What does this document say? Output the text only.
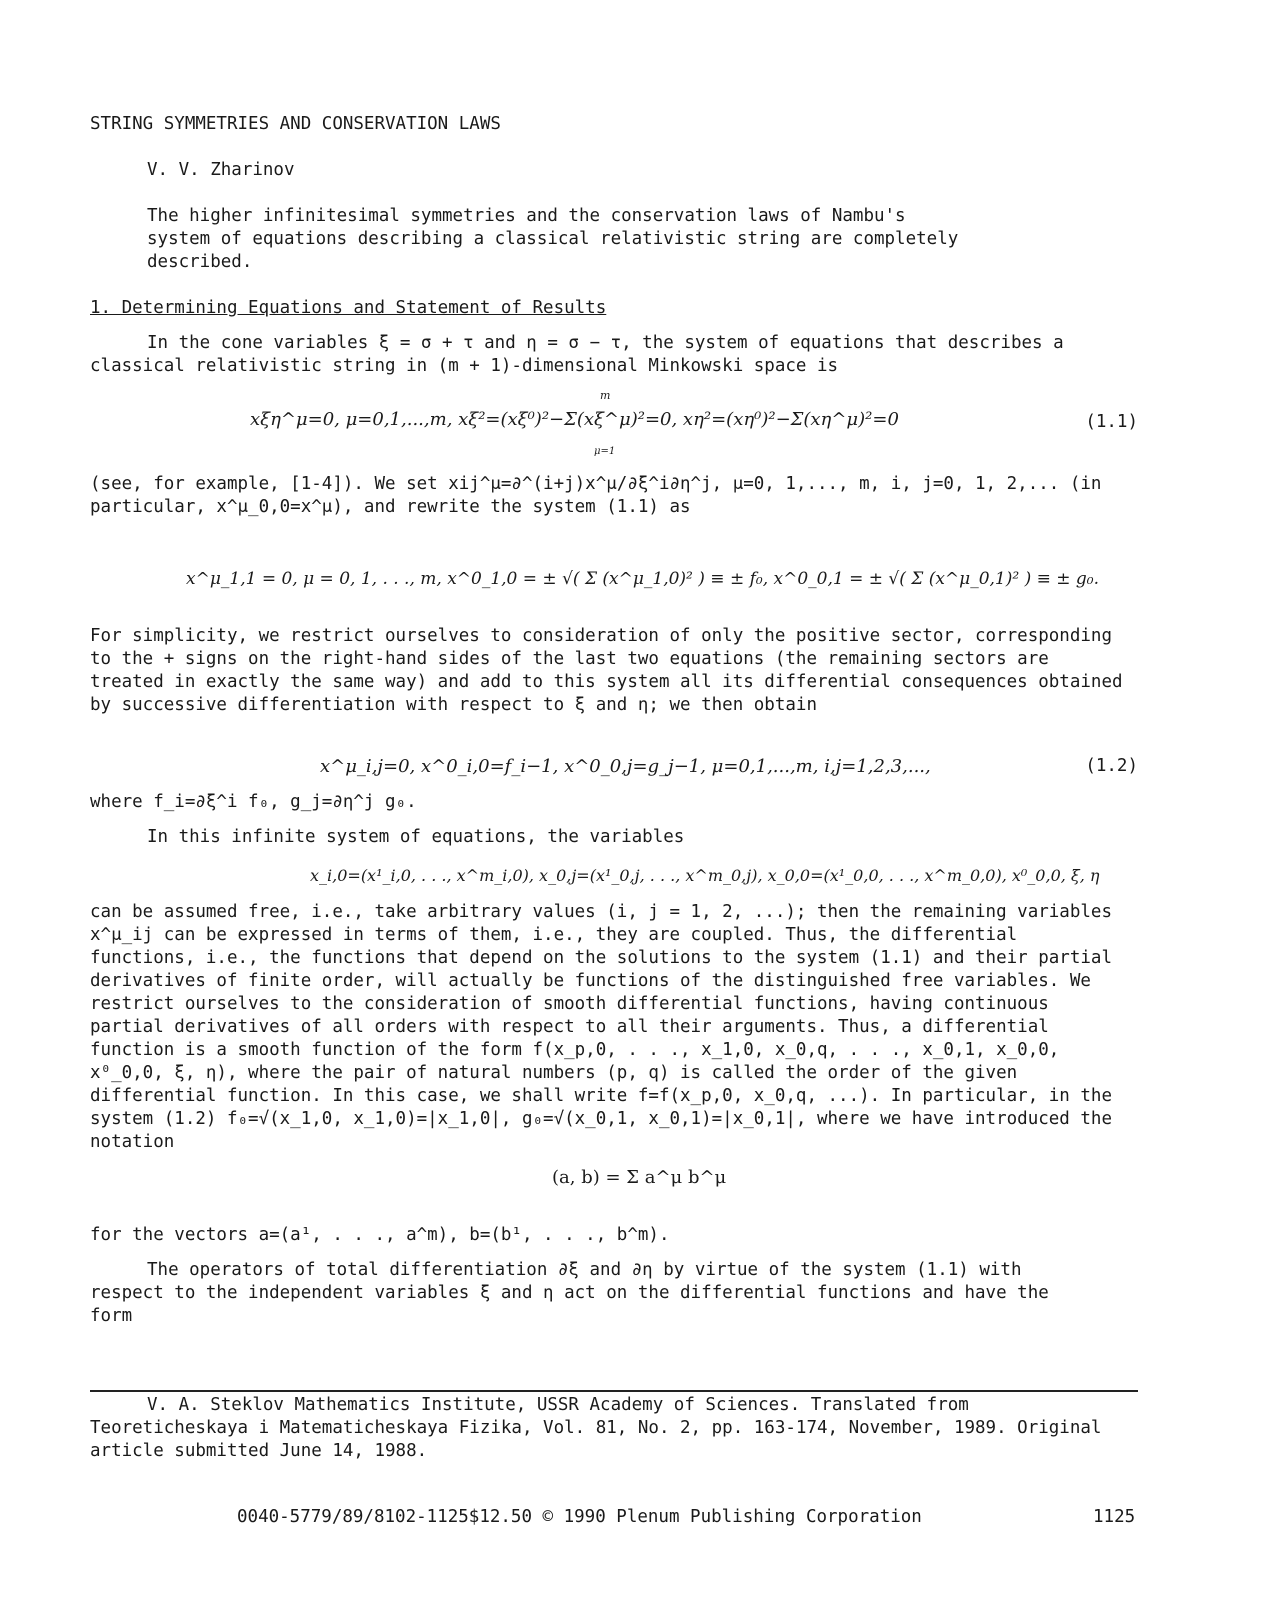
STRING SYMMETRIES AND CONSERVATION LAWS
V. V. Zharinov
The higher infinitesimal symmetries and the conservation laws of Nambu's system of equations describing a classical relativistic string are completely described.
1. Determining Equations and Statement of Results
In the cone variables ξ = σ + τ and η = σ − τ, the system of equations that describes a classical relativistic string in (m + 1)-dimensional Minkowski space is
xξη^μ=0, μ=0,1,...,m, xξ²=(xξ⁰)²−Σ(xξ^μ)²=0, xη²=(xη⁰)²−Σ(xη^μ)²=0
m
μ=1
(1.1)
(see, for example, [1-4]). We set xij^μ=∂^(i+j)x^μ/∂ξ^i∂η^j, μ=0, 1,..., m, i, j=0, 1, 2,... (in particular, x^μ_0,0=x^μ), and rewrite the system (1.1) as
x^μ_1,1 = 0, μ = 0, 1, . . ., m, x^0_1,0 = ± √( Σ (x^μ_1,0)² ) ≡ ± f₀, x^0_0,1 = ± √( Σ (x^μ_0,1)² ) ≡ ± g₀.
For simplicity, we restrict ourselves to consideration of only the positive sector, corresponding to the + signs on the right-hand sides of the last two equations (the remaining sectors are treated in exactly the same way) and add to this system all its differential consequences obtained by successive differentiation with respect to ξ and η; we then obtain
x^μ_i,j=0, x^0_i,0=f_i−1, x^0_0,j=g_j−1, μ=0,1,...,m, i,j=1,2,3,...,	(1.2)
where f_i=∂ξ^i f₀, g_j=∂η^j g₀.
In this infinite system of equations, the variables
x_i,0=(x¹_i,0, . . ., x^m_i,0), x_0,j=(x¹_0,j, . . ., x^m_0,j), x_0,0=(x¹_0,0, . . ., x^m_0,0), x⁰_0,0, ξ, η
can be assumed free, i.e., take arbitrary values (i, j = 1, 2, ...); then the remaining variables x^μ_ij can be expressed in terms of them, i.e., they are coupled. Thus, the differential functions, i.e., the functions that depend on the solutions to the system (1.1) and their partial derivatives of finite order, will actually be functions of the distinguished free variables. We restrict ourselves to the consideration of smooth differential functions, having continuous partial derivatives of all orders with respect to all their arguments. Thus, a differential function is a smooth function of the form f(x_p,0, . . ., x_1,0, x_0,q, . . ., x_0,1, x_0,0, x⁰_0,0, ξ, η), where the pair of natural numbers (p, q) is called the order of the given differential function. In this case, we shall write f=f(x_p,0, x_0,q, ...). In particular, in the system (1.2) f₀=√(x_1,0, x_1,0)=|x_1,0|, g₀=√(x_0,1, x_0,1)=|x_0,1|, where we have introduced the notation
(a, b) = Σ a^μ b^μ
for the vectors a=(a¹, . . ., a^m), b=(b¹, . . ., b^m).
The operators of total differentiation ∂ξ and ∂η by virtue of the system (1.1) with respect to the independent variables ξ and η act on the differential functions and have the form
V. A. Steklov Mathematics Institute, USSR Academy of Sciences. Translated from Teoreticheskaya i Matematicheskaya Fizika, Vol. 81, No. 2, pp. 163-174, November, 1989. Original article submitted June 14, 1988.
0040-5779/89/8102-1125$12.50 © 1990 Plenum Publishing Corporation	1125
